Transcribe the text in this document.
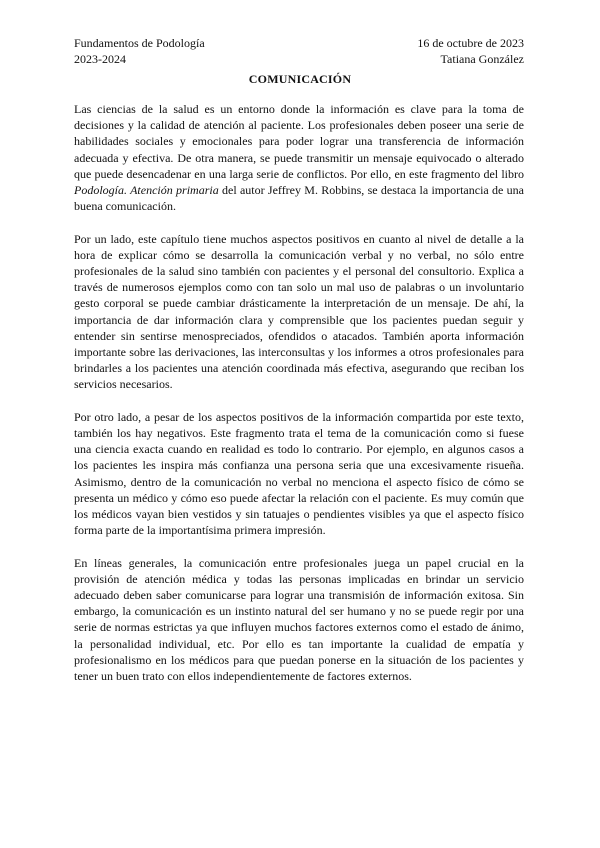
Fundamentos de Podología	16 de octubre de 2023
2023-2024	Tatiana González
COMUNICACIÓN

Las ciencias de la salud es un entorno donde la información es clave para la toma de decisiones y la calidad de atención al paciente. Los profesionales deben poseer una serie de habilidades sociales y emocionales para poder lograr una transferencia de información adecuada y efectiva. De otra manera, se puede transmitir un mensaje equivocado o alterado que puede desencadenar en una larga serie de conflictos. Por ello, en este fragmento del libro Podología. Atención primaria del autor Jeffrey M. Robbins, se destaca la importancia de una buena comunicación.

Por un lado, este capítulo tiene muchos aspectos positivos en cuanto al nivel de detalle a la hora de explicar cómo se desarrolla la comunicación verbal y no verbal, no sólo entre profesionales de la salud sino también con pacientes y el personal del consultorio. Explica a través de numerosos ejemplos como con tan solo un mal uso de palabras o un involuntario gesto corporal se puede cambiar drásticamente la interpretación de un mensaje. De ahí, la importancia de dar información clara y comprensible que los pacientes puedan seguir y entender sin sentirse menospreciados, ofendidos o atacados. También aporta información importante sobre las derivaciones, las interconsultas y los informes a otros profesionales para brindarles a los pacientes una atención coordinada más efectiva, asegurando que reciban los servicios necesarios.

Por otro lado, a pesar de los aspectos positivos de la información compartida por este texto, también los hay negativos. Este fragmento trata el tema de la comunicación como si fuese una ciencia exacta cuando en realidad es todo lo contrario. Por ejemplo, en algunos casos a los pacientes les inspira más confianza una persona seria que una excesivamente risueña. Asimismo, dentro de la comunicación no verbal no menciona el aspecto físico de cómo se presenta un médico y cómo eso puede afectar la relación con el paciente. Es muy común que los médicos vayan bien vestidos y sin tatuajes o pendientes visibles ya que el aspecto físico forma parte de la importantísima primera impresión.

En líneas generales, la comunicación entre profesionales juega un papel crucial en la provisión de atención médica y todas las personas implicadas en brindar un servicio adecuado deben saber comunicarse para lograr una transmisión de información exitosa. Sin embargo, la comunicación es un instinto natural del ser humano y no se puede regir por una serie de normas estrictas ya que influyen muchos factores externos como el estado de ánimo, la personalidad individual, etc. Por ello es tan importante la cualidad de empatía y profesionalismo en los médicos para que puedan ponerse en la situación de los pacientes y tener un buen trato con ellos independientemente de factores externos.
